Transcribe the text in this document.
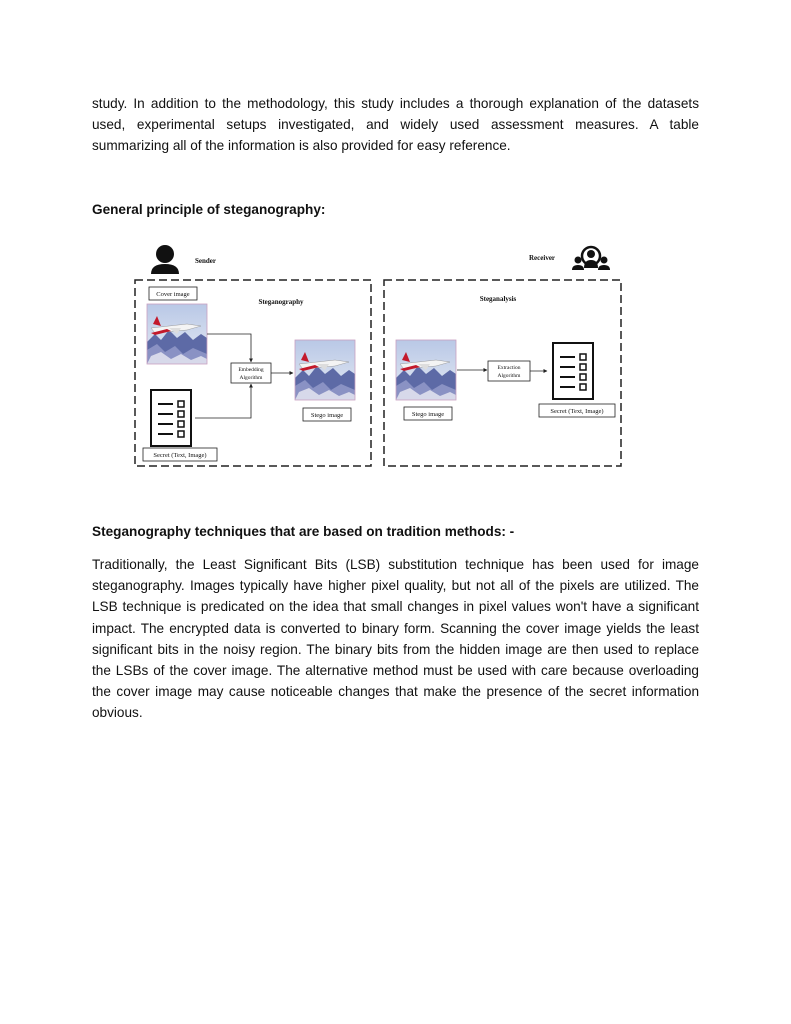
study. In addition to the methodology, this study includes a thorough explanation of the datasets used, experimental setups investigated, and widely used assessment measures. A table summarizing all of the information is also provided for easy reference.

General principle of steganography:
Sender	Receiver
Steganography	Steganalysis
Cover image
Secret (Text, Image)
Embedding
Algorithm
Stego image	Stego image
Extraction
Algorithm
Secret (Text, Image)
Steganography techniques that are based on tradition methods: -

Traditionally, the Least Significant Bits (LSB) substitution technique has been used for image steganography. Images typically have higher pixel quality, but not all of the pixels are utilized. The LSB technique is predicated on the idea that small changes in pixel values won't have a significant impact. The encrypted data is converted to binary form. Scanning the cover image yields the least significant bits in the noisy region. The binary bits from the hidden image are then used to replace the LSBs of the cover image. The alternative method must be used with care because overloading the cover image may cause noticeable changes that make the presence of the secret information obvious.
